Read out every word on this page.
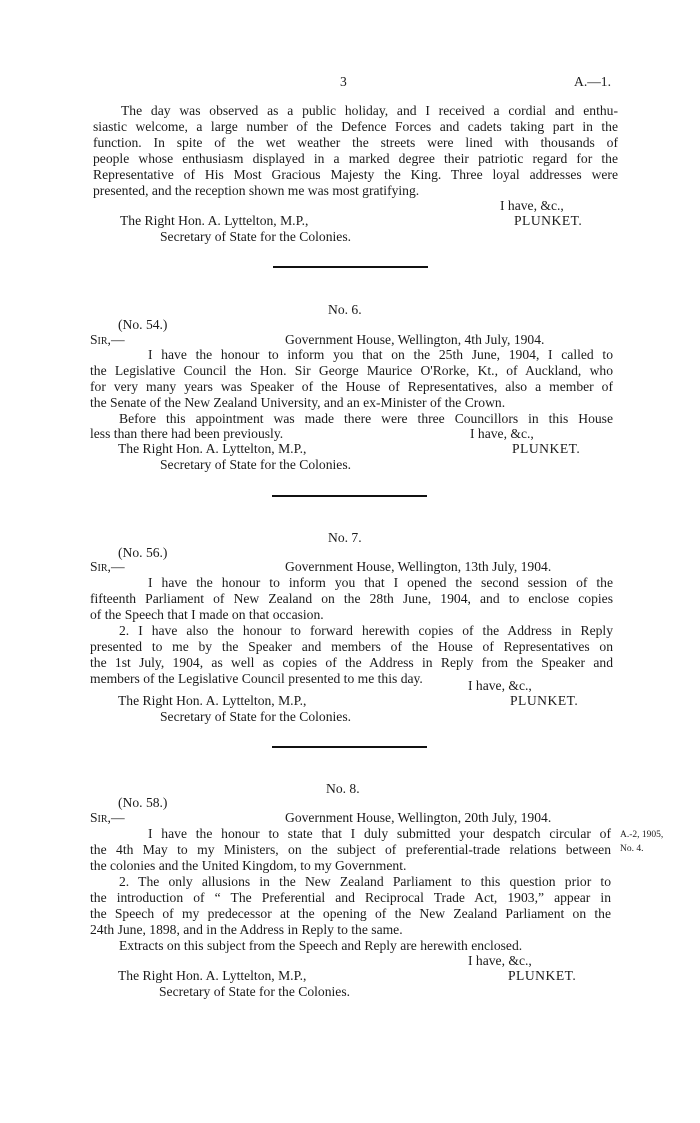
3	A.—1.
The day was observed as a public holiday, and I received a cordial and enthu-
siastic welcome, a large number of the Defence Forces and cadets taking part in the
function. In spite of the wet weather the streets were lined with thousands of
people whose enthusiasm displayed in a marked degree their patriotic regard for the
Representative of His Most Gracious Majesty the King. Three loyal addresses were
presented, and the reception shown me was most gratifying.
I have, &c.,
The Right Hon. A. Lyttelton, M.P.,	PLUNKET.
Secretary of State for the Colonies.
No. 6.
(No. 54.)
Sir,—	Government House, Wellington, 4th July, 1904.
I have the honour to inform you that on the 25th June, 1904, I called to
the Legislative Council the Hon. Sir George Maurice O'Rorke, Kt., of Auckland, who
for very many years was Speaker of the House of Representatives, also a member of
the Senate of the New Zealand University, and an ex-Minister of the Crown.
Before this appointment was made there were three Councillors in this House
less than there had been previously.	I have, &c.,
The Right Hon. A. Lyttelton, M.P.,	PLUNKET.
Secretary of State for the Colonies.
No. 7.
(No. 56.)
Sir,—	Government House, Wellington, 13th July, 1904.
I have the honour to inform you that I opened the second session of the
fifteenth Parliament of New Zealand on the 28th June, 1904, and to enclose copies
of the Speech that I made on that occasion.
2. I have also the honour to forward herewith copies of the Address in Reply
presented to me by the Speaker and members of the House of Representatives on
the 1st July, 1904, as well as copies of the Address in Reply from the Speaker and
members of the Legislative Council presented to me this day.	I have, &c.,
The Right Hon. A. Lyttelton, M.P.,	PLUNKET.
Secretary of State for the Colonies.
No. 8.
(No. 58.)
Sir,—	Government House, Wellington, 20th July, 1904.
I have the honour to state that I duly submitted your despatch circular of
the 4th May to my Ministers, on the subject of preferential-trade relations between
the colonies and the United Kingdom, to my Government.
2. The only allusions in the New Zealand Parliament to this question prior to
the introduction of “ The Preferential and Reciprocal Trade Act, 1903,” appear in
the Speech of my predecessor at the opening of the New Zealand Parliament on the
24th June, 1898, and in the Address in Reply to the same.
Extracts on this subject from the Speech and Reply are herewith enclosed.
A.-2, 1905,
No. 4.
I have, &c.,
The Right Hon. A. Lyttelton, M.P.,	PLUNKET.
Secretary of State for the Colonies.
